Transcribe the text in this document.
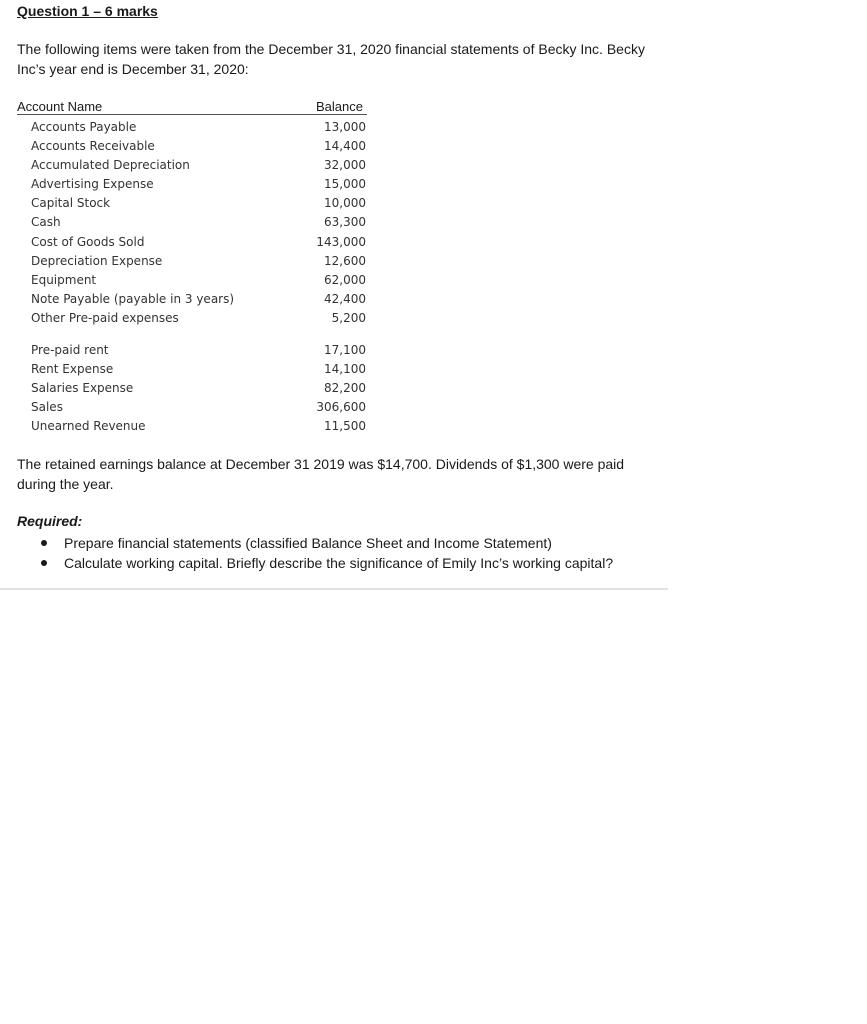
Question 1 – 6 marks

The following items were taken from the December 31, 2020 financial statements of Becky Inc. Becky Inc’s year end is December 31, 2020:

Account Name	Balance
Accounts Payable	13,000
Accounts Receivable	14,400
Accumulated Depreciation	32,000
Advertising Expense	15,000
Capital Stock	10,000
Cash	63,300
Cost of Goods Sold	143,000
Depreciation Expense	12,600
Equipment	62,000
Note Payable (payable in 3 years)	42,400
Other Pre-paid expenses	5,200
Pre-paid rent	17,100
Rent Expense	14,100
Salaries Expense	82,200
Sales	306,600
Unearned Revenue	11,500

The retained earnings balance at December 31 2019 was $14,700. Dividends of $1,300 were paid during the year.

Required:

Prepare financial statements (classified Balance Sheet and Income Statement)
Calculate working capital. Briefly describe the significance of Emily Inc’s working capital?
